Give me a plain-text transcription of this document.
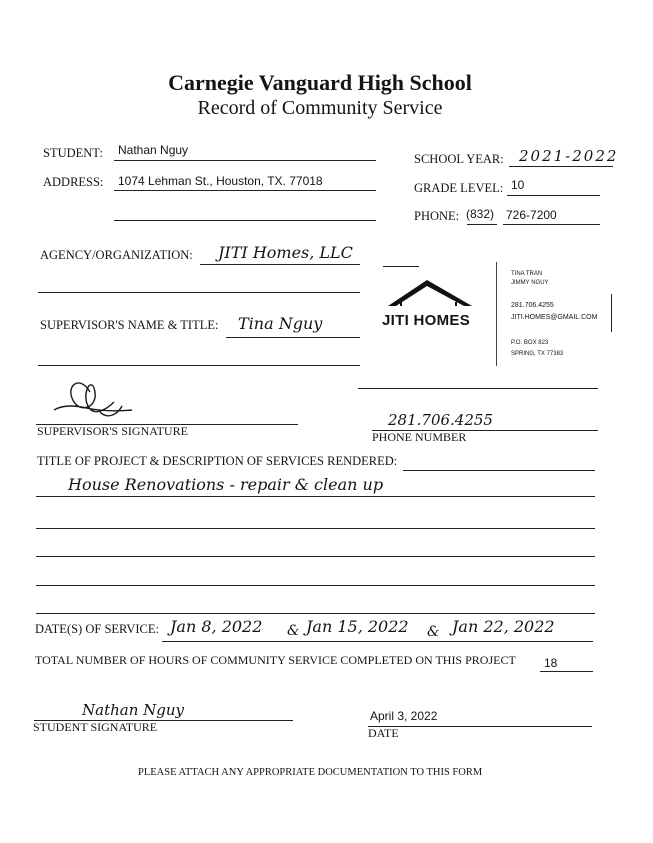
Carnegie Vanguard High School
Record of Community Service
STUDENT: Nathan Nguy
SCHOOL YEAR: 2021-2022
ADDRESS: 1074 Lehman St., Houston, TX. 77018	GRADE LEVEL: 10
PHONE: (832) 726-7200
AGENCY/ORGANIZATION: JITI Homes, LLC
JITI HOMES
TINA TRAN
JIMMY NGUY
281.706.4255
JITI.HOMES@GMAIL.COM
P.O. BOX 823
SPRING, TX 77383
SUPERVISOR'S NAME & TITLE: Tina Nguy
SUPERVISOR'S SIGNATURE
281.706.4255
PHONE NUMBER
TITLE OF PROJECT & DESCRIPTION OF SERVICES RENDERED:
House Renovations - repair & clean up
DATE(S) OF SERVICE: Jan 8, 2022 & Jan 15, 2022 & Jan 22, 2022
TOTAL NUMBER OF HOURS OF COMMUNITY SERVICE COMPLETED ON THIS PROJECT 18
Nathan Nguy
STUDENT SIGNATURE
April 3, 2022
DATE
PLEASE ATTACH ANY APPROPRIATE DOCUMENTATION TO THIS FORM
